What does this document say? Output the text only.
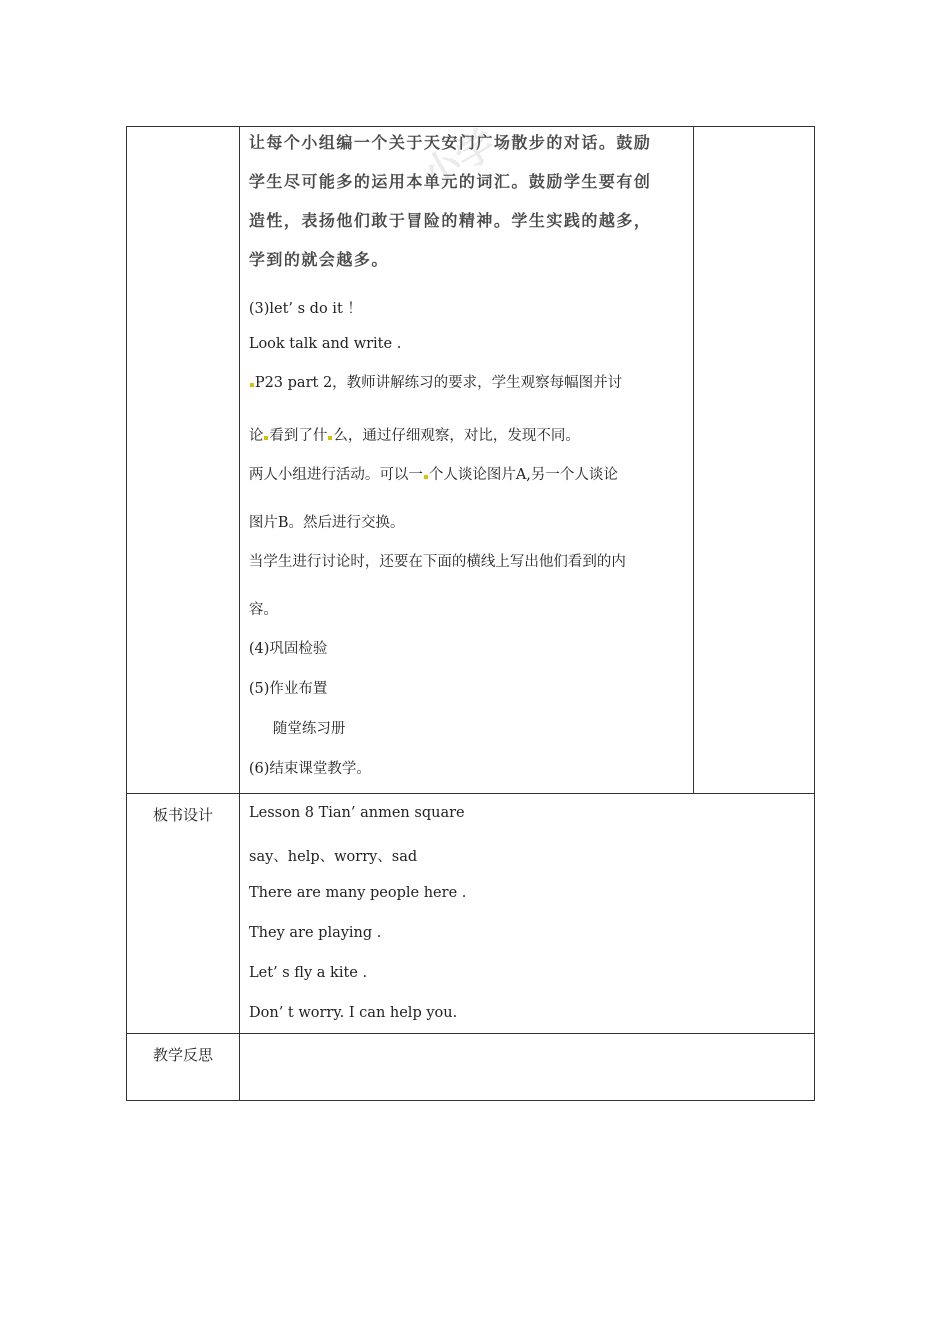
让每个小组编一个关于天安门广场散步的对话。鼓励
学生尽可能多的运用本单元的词汇。鼓励学生要有创
造性，表扬他们敢于冒险的精神。学生实践的越多，
学到的就会越多。
(3)let’ s do it ！
Look talk and write .
P23 part 2，教师讲解练习的要求，学生观察每幅图并讨
论 看到了什 么，通过仔细观察，对比，发现不同。
两人小组进行活动。可以一 个人谈论图片A,另一个人谈论
图片B。然后进行交换。
当学生进行讨论时，还要在下面的横线上写出他们看到的内
容。
(4)巩固检验
(5)作业布置
随堂练习册
(6)结束课堂教学。
板书设计	Lesson 8 Tian’ anmen square
say、help、worry、sad
There are many people here .
They are playing .
Let’ s fly a kite .
Don’ t worry. I can help you.
教学反思
小学
